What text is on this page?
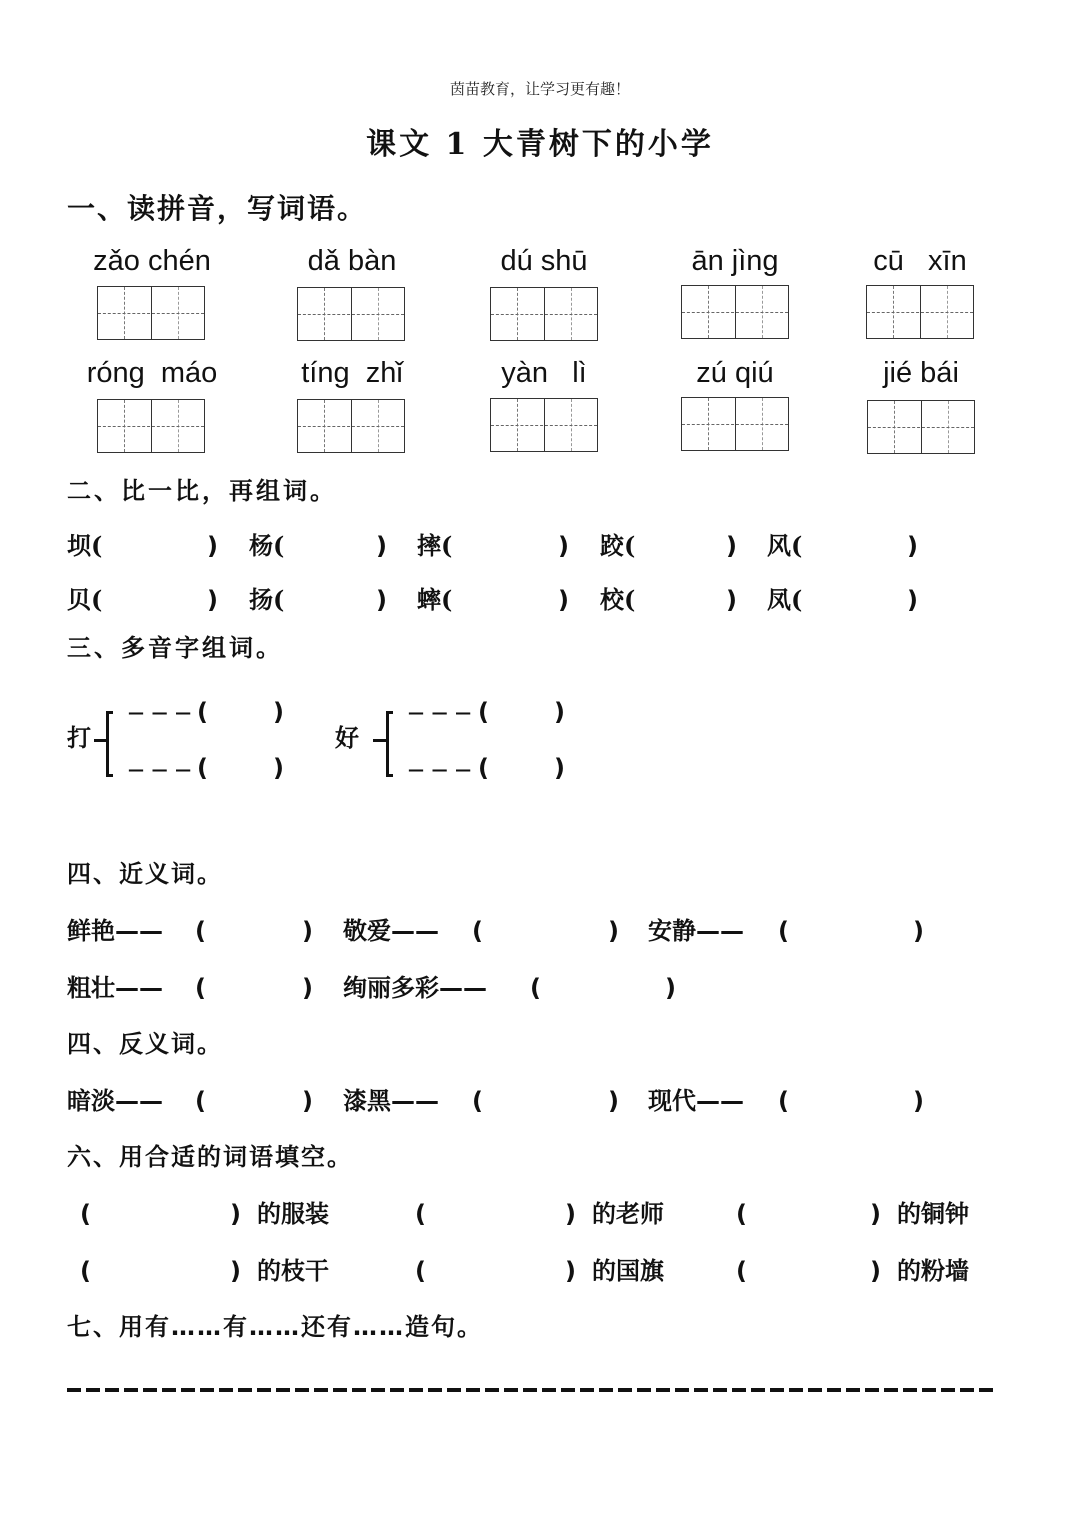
茵苗教育，让学习更有趣！
课文 1 大青树下的小学
一、读拼音，写词语。
zǎo chén	dǎ bàn	dú shū	ān jìng	cū   xīn
róng  máo	tíng  zhǐ	yàn   lì	zú qiú	jié bái
二、比一比，再组词。
坝(	) 杨(	) 摔(	) 跤(	) 风(	)
贝(	) 扬(	) 蟀(	) 校(	) 凤(	)
三、多音字组词。
打
— — — (	)
— — — (	)
好
— — — (	)
— — — (	)
四、近义词。
鲜艳—— (	) 敬爱—— (	) 安静—— (	)
粗壮—— (	) 绚丽多彩—— (	)
四、反义词。
暗淡—— (	) 漆黑—— (	) 现代—— (	)
六、用合适的词语填空。
(	) 的服装	(	) 的老师	(	) 的铜钟
(	) 的枝干	(	) 的国旗	(	) 的粉墙
七、用有……有……还有……造句。
